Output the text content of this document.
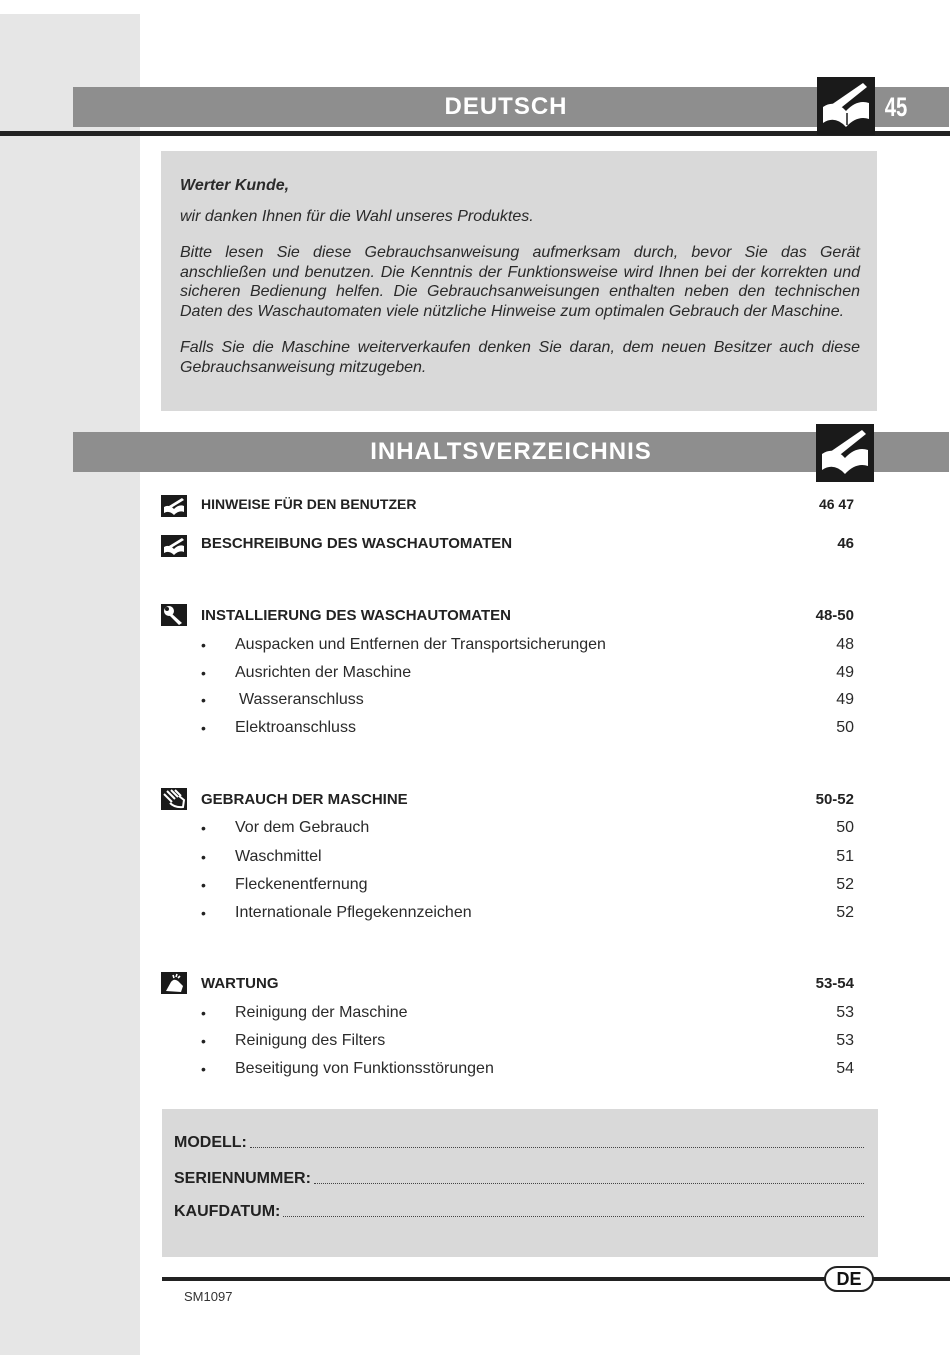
DEUTSCH	45

Werter Kunde,

wir danken Ihnen für die Wahl unseres Produktes.

Bitte lesen Sie diese Gebrauchsanweisung aufmerksam durch, bevor Sie das Gerät anschließen und benutzen. Die Kenntnis der Funktionsweise wird Ihnen bei der korrekten und sicheren Bedienung helfen. Die Gebrauchsanweisungen enthalten neben den technischen Daten des Waschautomaten viele nützliche Hinweise zum optimalen Gebrauch der Maschine.

Falls Sie die Maschine weiterverkaufen denken Sie daran, dem neuen Besitzer auch diese Gebrauchsanweisung mitzugeben.

INHALTSVERZEICHNIS
HINWEISE FÜR DEN BENUTZER	46 47
BESCHREIBUNG DES WASCHAUTOMATEN	46
INSTALLIERUNG DES WASCHAUTOMATEN	48-50
• Auspacken und Entfernen der Transportsicherungen	48
• Ausrichten der Maschine	49
• Wasseranschluss	49
• Elektroanschluss	50
GEBRAUCH DER MASCHINE	50-52
• Vor dem Gebrauch	50
• Waschmittel	51
• Fleckenentfernung	52
• Internationale Pflegekennzeichen	52
WARTUNG	53-54
• Reinigung der Maschine	53
• Reinigung des Filters	53
• Beseitigung von Funktionsstörungen	54
MODELL:
SERIENNUMMER:
KAUFDATUM:
DE
SM1097
